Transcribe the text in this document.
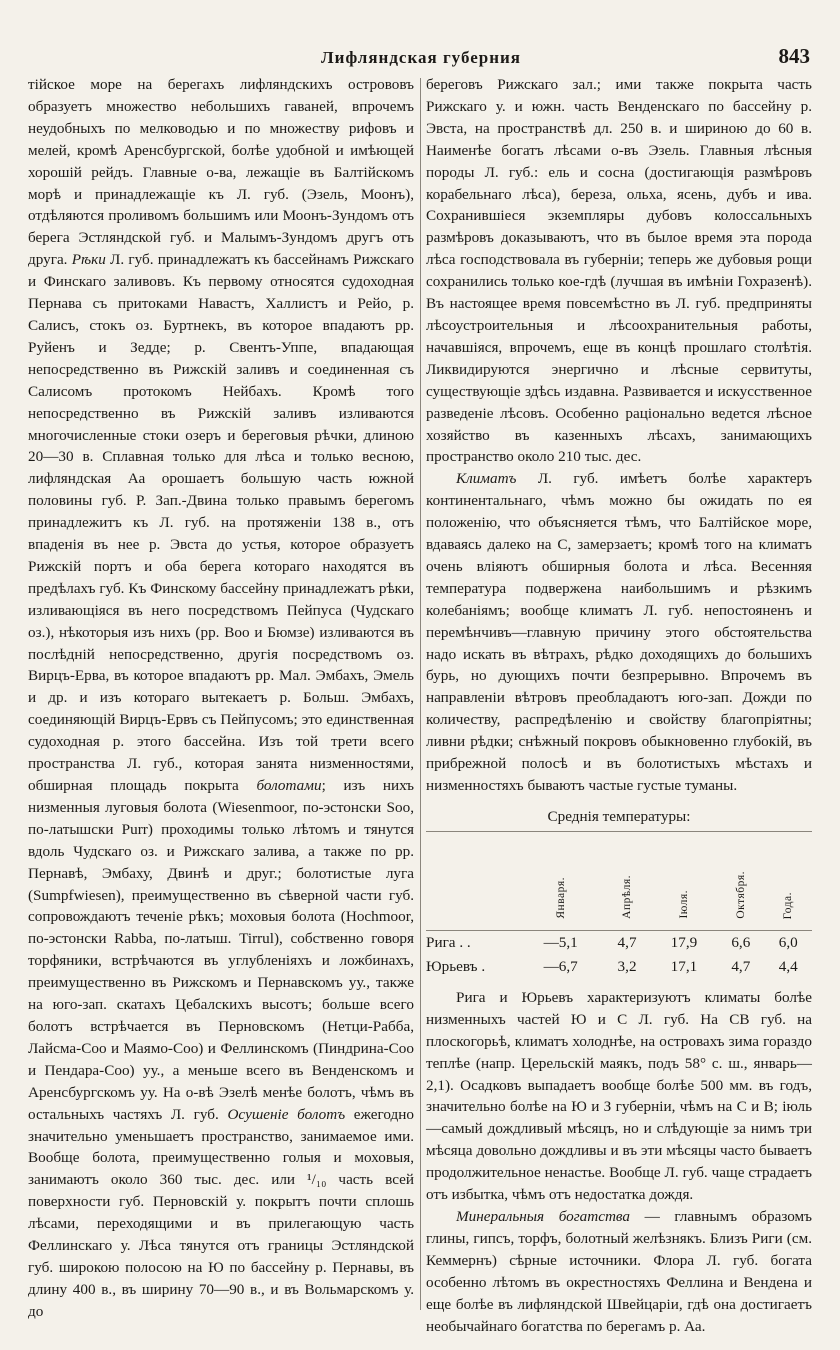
Лифляндская губерния	843

тійское море на берегахъ лифляндскихъ острововъ образуетъ множество небольшихъ гаваней, впрочемъ неудобныхъ по мелководью и по множеству рифовъ и мелей, кромѣ Аренсбургской, болѣе удобной и имѣющей хорошій рейдъ. Главные о-ва, лежащіе въ Балтійскомъ морѣ и принадлежащіе къ Л. губ. (Эзель, Моонъ), отдѣляются проливомъ большимъ или Моонъ-Зундомъ отъ берега Эстляндской губ. и Малымъ-Зундомъ другъ отъ друга. Рѣки Л. губ. принадлежатъ къ бассейнамъ Рижскаго и Финскаго заливовъ. Къ первому относятся судоходная Пернава съ притоками Навастъ, Халлистъ и Рейо, р. Салисъ, стокъ оз. Буртнекъ, въ которое впадаютъ рр. Руйенъ и Зедде; р. Свентъ-Уппе, впадающая непосредственно въ Рижскій заливъ и соединенная съ Салисомъ протокомъ Нейбахъ. Кромѣ того непосредственно въ Рижскій заливъ изливаются многочисленные стоки озеръ и береговыя рѣчки, длиною 20—30 в. Сплавная только для лѣса и только весною, лифляндская Аа орошаетъ большую часть южной половины губ. Р. Зап.-Двина только правымъ берегомъ принадлежитъ къ Л. губ. на протяженіи 138 в., отъ впаденія въ нее р. Эвста до устья, которое образуетъ Рижскій портъ и оба берега котораго находятся въ предѣлахъ губ. Къ Финскому бассейну принадлежатъ рѣки, изливающіяся въ него посредствомъ Пейпуса (Чудскаго оз.), нѣкоторыя изъ нихъ (рр. Воо и Бюмзе) изливаются въ послѣдній непосредственно, другія посредствомъ оз. Вирцъ-Ерва, въ которое впадаютъ рр. Мал. Эмбахъ, Эмель и др. и изъ котораго вытекаетъ р. Больш. Эмбахъ, соединяющій Вирцъ-Ервъ съ Пейпусомъ; это единственная судоходная р. этого бассейна. Изъ той трети всего пространства Л. губ., которая занята низменностями, обширная площадь покрыта болотами; изъ нихъ низменныя луговыя болота (Wiesenmoor, по-эстонски Soo, по-латышски Purr) проходимы только лѣтомъ и тянутся вдоль Чудскаго оз. и Рижскаго залива, а также по рр. Пернавѣ, Эмбаху, Двинѣ и друг.; болотистые луга (Sumpfwiesen), преимущественно въ сѣверной части губ. сопровождаютъ теченіе рѣкъ; моховыя болота (Hochmoor, по-эстонски Rabba, по-латыш. Tirrul), собственно говоря торфяники, встрѣчаются въ углубленіяхъ и ложбинахъ, преимущественно въ Рижскомъ и Пернавскомъ уу., также на юго-зап. скатахъ Цебалскихъ высотъ; больше всего болотъ встрѣчается въ Перновскомъ (Нетци-Рабба, Лайсма-Соо и Маямо-Соо) и Феллинскомъ (Пиндрина-Соо и Пендара-Соо) уу., а меньше всего въ Венденскомъ и Аренсбургскомъ уу. На о-вѣ Эзелѣ менѣе болотъ, чѣмъ въ остальныхъ частяхъ Л. губ. Осушеніе болотъ ежегодно значительно уменьшаетъ пространство, занимаемое ими. Вообще болота, преимущественно голыя и моховыя, занимаютъ около 360 тыс. дес. или ¹/₁₀ часть всей поверхности губ. Перновскій у. покрытъ почти сплошь лѣсами, переходящими и въ прилегающую часть Феллинскаго у. Лѣса тянутся отъ границы Эстляндской губ. широкою полосою на Ю по бассейну р. Пернавы, въ длину 400 в., въ ширину 70—90 в., и въ Вольмарскомъ у. до

береговъ Рижскаго зал.; ими также покрыта часть Рижскаго у. и южн. часть Венденскаго по бассейну р. Эвста, на пространствѣ дл. 250 в. и шириною до 60 в. Наименѣе богатъ лѣсами о-въ Эзель. Главныя лѣсныя породы Л. губ.: ель и сосна (достигающія размѣровъ корабельнаго лѣса), береза, ольха, ясень, дубъ и ива. Сохранившіеся экземпляры дубовъ колоссальныхъ размѣровъ доказываютъ, что въ былое время эта порода лѣса господствовала въ губерніи; теперь же дубовыя рощи сохранились только кое-гдѣ (лучшая въ имѣніи Гохразенѣ). Въ настоящее время повсемѣстно въ Л. губ. предприняты лѣсоустроительныя и лѣсоохранительныя работы, начавшіяся, впрочемъ, еще въ концѣ прошлаго столѣтія. Ликвидируются энергично и лѣсные сервитуты, существующіе здѣсь издавна. Развивается и искусственное разведеніе лѣсовъ. Особенно раціонально ведется лѣсное хозяйство въ казенныхъ лѣсахъ, занимающихъ пространство около 210 тыс. дес.

Климатъ Л. губ. имѣетъ болѣе характеръ континентальнаго, чѣмъ можно бы ожидать по ея положенію, что объясняется тѣмъ, что Балтійское море, вдаваясь далеко на С, замерзаетъ; кромѣ того на климатъ очень вліяютъ обширныя болота и лѣса. Весенняя температура подвержена наибольшимъ и рѣзкимъ колебаніямъ; вообще климатъ Л. губ. непостояненъ и перемѣнчивъ—главную причину этого обстоятельства надо искать въ вѣтрахъ, рѣдко доходящихъ до большихъ бурь, но дующихъ почти безпрерывно. Впрочемъ въ направленіи вѣтровъ преобладаютъ юго-зап. Дожди по количеству, распредѣленію и свойству благопріятны; ливни рѣдки; снѣжный покровъ обыкновенно глубокій, въ прибрежной полосѣ и въ болотистыхъ мѣстахъ и низменностяхъ бываютъ частые густые туманы.

Среднія температуры:
	Января.	Апрѣля.	Іюля.	Октября.	Года.
Рига . .	—5,1	4,7	17,9	6,6	6,0
Юрьевъ .	—6,7	3,2	17,1	4,7	4,4

Рига и Юрьевъ характеризуютъ климаты болѣе низменныхъ частей Ю и С Л. губ. На СВ губ. на плоскогорьѣ, климатъ холоднѣе, на островахъ зима гораздо теплѣе (напр. Церельскій маякъ, подъ 58° с. ш., январь—2,1). Осадковъ выпадаетъ вообще болѣе 500 мм. въ годъ, значительно болѣе на Ю и З губерніи, чѣмъ на С и В; іюль—самый дождливый мѣсяцъ, но и слѣдующіе за нимъ три мѣсяца довольно дождливы и въ эти мѣсяцы часто бываетъ продолжительное ненастье. Вообще Л. губ. чаще страдаетъ отъ избытка, чѣмъ отъ недостатка дождя.

Минеральныя богатства — главнымъ образомъ глины, гипсъ, торфъ, болотный желѣзнякъ. Близъ Риги (см. Кеммернъ) сѣрные источники. Флора Л. губ. богата особенно лѣтомъ въ окрестностяхъ Феллина и Вендена и еще болѣе въ лифляндской Швейцаріи, гдѣ она достигаетъ необычайнаго богатства по берегамъ р. Аа.
